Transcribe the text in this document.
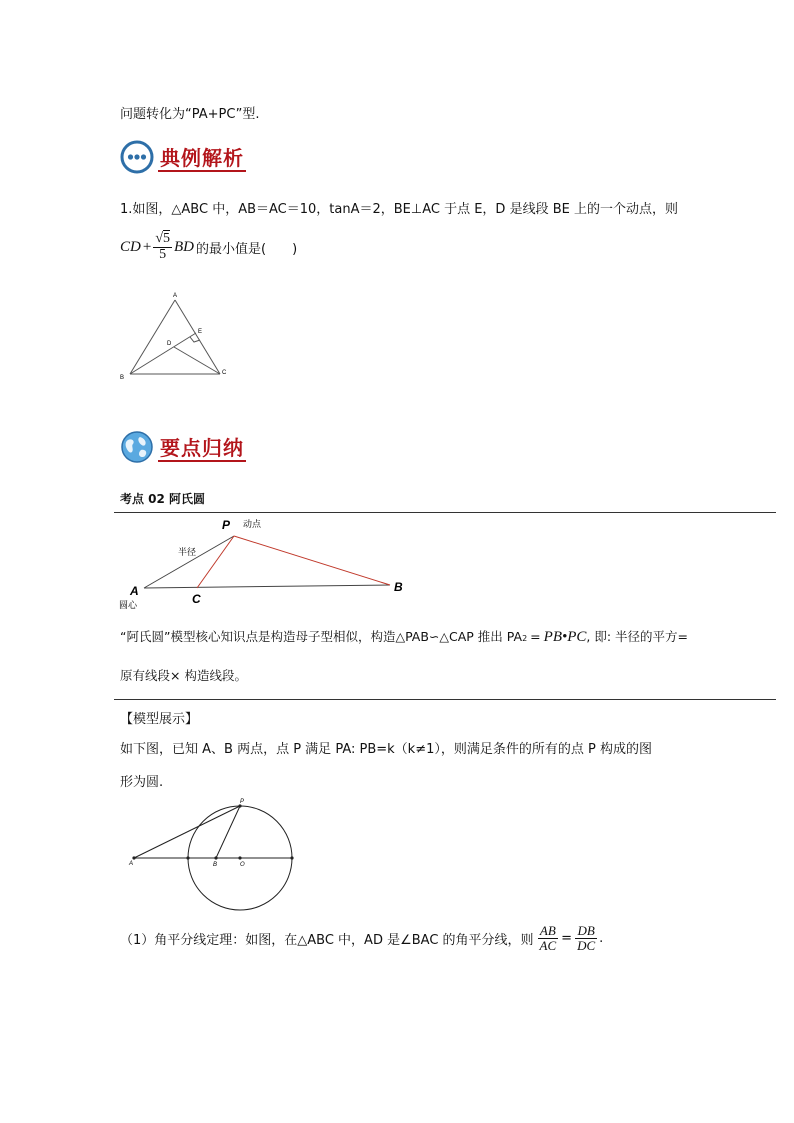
问题转化为“PA+PC”型.
典例解析
1.如图，△ABC 中，AB＝AC＝10，tanA＝2，BE⊥AC 于点 E，D 是线段 BE 上的一个动点，则
CD + $\frac{√5}{5}$ BD 的最小值是(　　)
A
E
D
B
C
要点归纳
考点 02 阿氏圆
P 动点
半径
A
圆心	C
B
“阿氏圆”模型核心知识点是构造母子型相似，构造△PAB∽△CAP 推出 $PA_2$ = PB•PC , 即: 半径的平方=
原有线段× 构造线段。
【模型展示】
如下图，已知 A、B 两点，点 P 满足 PA: PB=k（k≠1），则满足条件的所有的点 P 构成的图
形为圆.
P
A	B	O
（1）角平分线定理：如图，在△ABC 中，AD 是∠BAC 的角平分线，则 $\frac{AB}{AC} = \frac{DB}{DC}$ .
